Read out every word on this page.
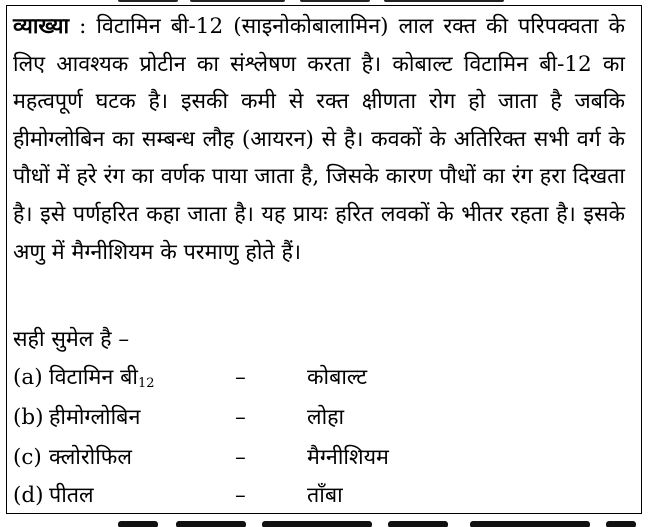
व्याख्या : विटामिन बी-12 (साइनोकोबालामिन) लाल रक्त की परिपक्वता के लिए आवश्यक प्रोटीन का संश्लेषण करता है। कोबाल्ट विटामिन बी-12 का महत्वपूर्ण घटक है। इसकी कमी से रक्त क्षीणता रोग हो जाता है जबकि हीमोग्लोबिन का सम्बन्ध लौह (आयरन) से है। कवकों के अतिरिक्त सभी वर्ग के पौधों में हरे रंग का वर्णक पाया जाता है, जिसके कारण पौधों का रंग हरा दिखता है। इसे पर्णहरित कहा जाता है। यह प्रायः हरित लवकों के भीतर रहता है। इसके अणु में मैग्नीशियम के परमाणु होते हैं।
सही सुमेल है –
(a) विटामिन $बी_{12}$	–	कोबाल्ट
(b) हीमोग्लोबिन	–	लोहा
(c) क्लोरोफिल	–	मैग्नीशियम
(d) पीतल	–	ताँबा
